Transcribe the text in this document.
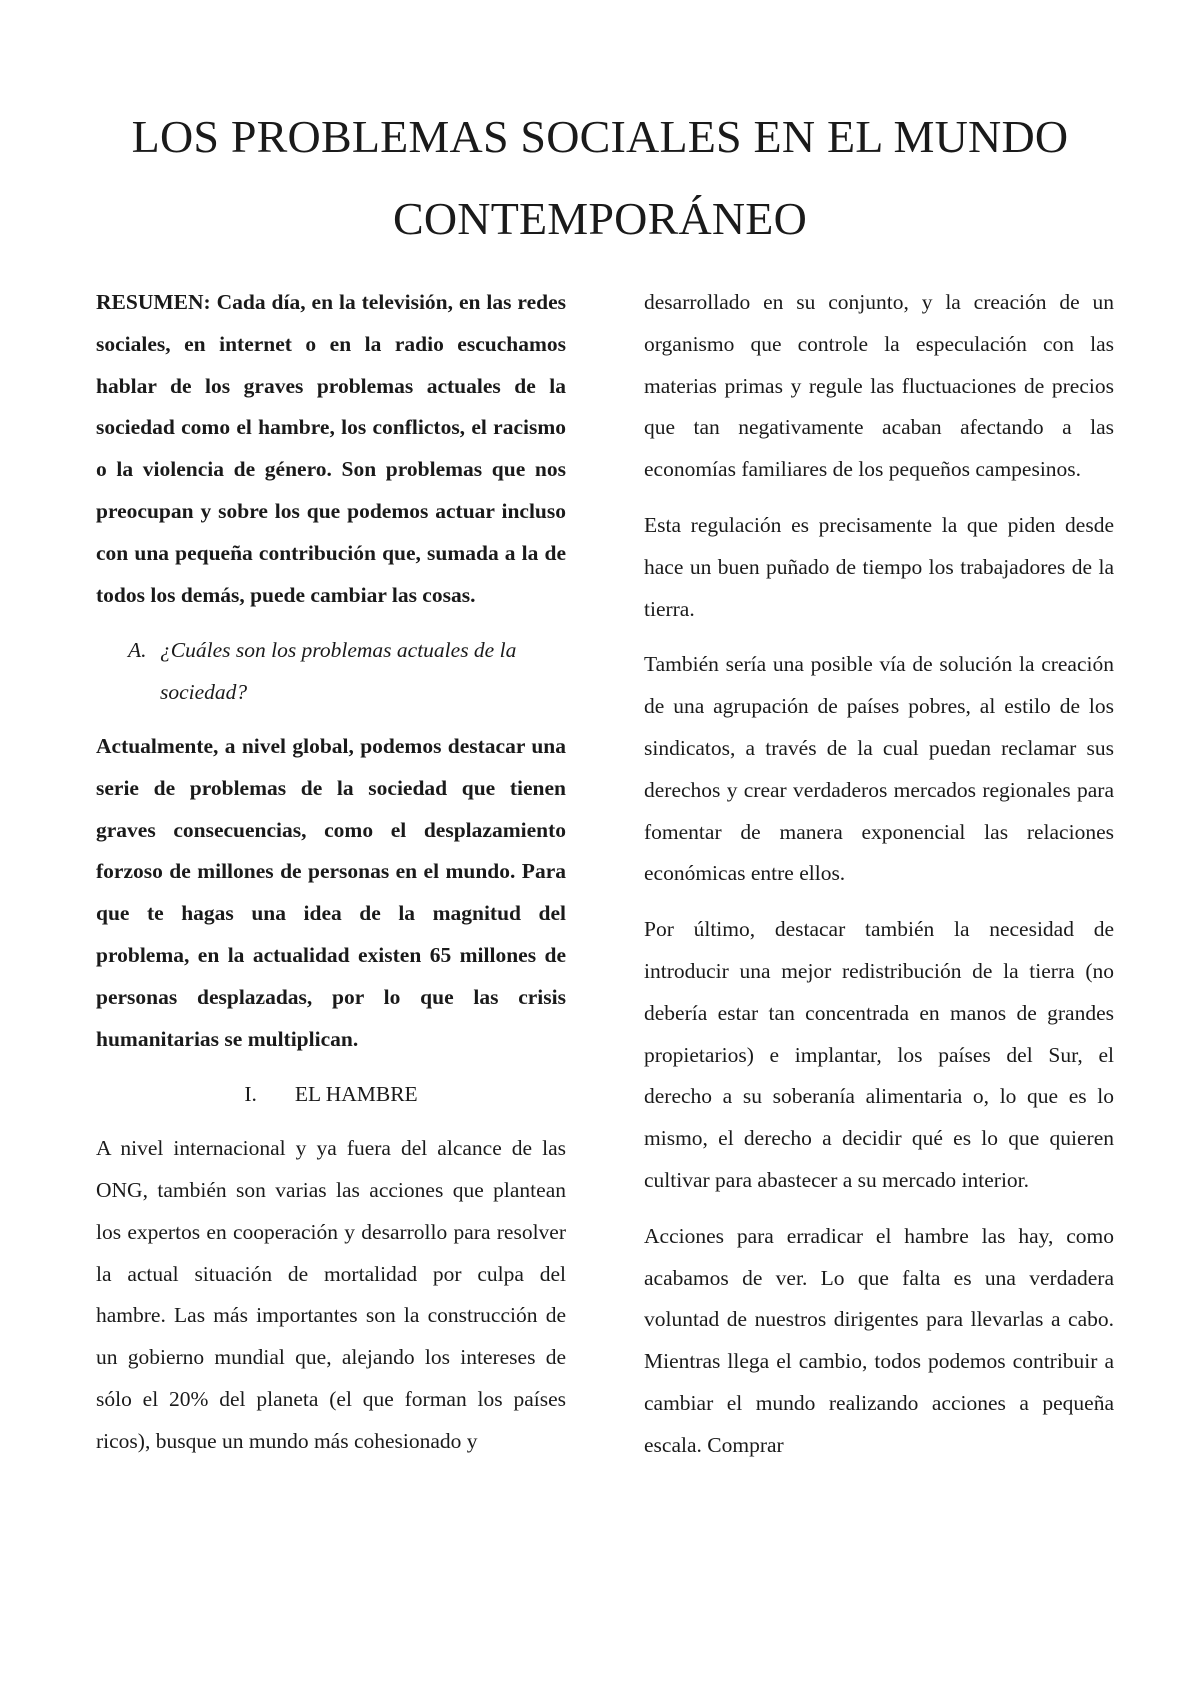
LOS PROBLEMAS SOCIALES EN EL MUNDO
CONTEMPORÁNEO

RESUMEN: Cada día, en la televisión, en las redes sociales, en internet o en la radio escuchamos hablar de los graves problemas actuales de la sociedad como el hambre, los conflictos, el racismo o la violencia de género. Son problemas que nos preocupan y sobre los que podemos actuar incluso con una pequeña contribución que, sumada a la de todos los demás, puede cambiar las cosas.

A. ¿Cuáles son los problemas actuales de la sociedad?

Actualmente, a nivel global, podemos destacar una serie de problemas de la sociedad que tienen graves consecuencias, como el desplazamiento forzoso de millones de personas en el mundo. Para que te hagas una idea de la magnitud del problema, en la actualidad existen 65 millones de personas desplazadas, por lo que las crisis humanitarias se multiplican.

I. EL HAMBRE

A nivel internacional y ya fuera del alcance de las ONG, también son varias las acciones que plantean los expertos en cooperación y desarrollo para resolver la actual situación de mortalidad por culpa del hambre. Las más importantes son la construcción de un gobierno mundial que, alejando los intereses de sólo el 20% del planeta (el que forman los países ricos), busque un mundo más cohesionado y

desarrollado en su conjunto, y la creación de un organismo que controle la especulación con las materias primas y regule las fluctuaciones de precios que tan negativamente acaban afectando a las economías familiares de los pequeños campesinos.

Esta regulación es precisamente la que piden desde hace un buen puñado de tiempo los trabajadores de la tierra.

También sería una posible vía de solución la creación de una agrupación de países pobres, al estilo de los sindicatos, a través de la cual puedan reclamar sus derechos y crear verdaderos mercados regionales para fomentar de manera exponencial las relaciones económicas entre ellos.

Por último, destacar también la necesidad de introducir una mejor redistribución de la tierra (no debería estar tan concentrada en manos de grandes propietarios) e implantar, los países del Sur, el derecho a su soberanía alimentaria o, lo que es lo mismo, el derecho a decidir qué es lo que quieren cultivar para abastecer a su mercado interior.

Acciones para erradicar el hambre las hay, como acabamos de ver. Lo que falta es una verdadera voluntad de nuestros dirigentes para llevarlas a cabo. Mientras llega el cambio, todos podemos contribuir a cambiar el mundo realizando acciones a pequeña escala. Comprar
